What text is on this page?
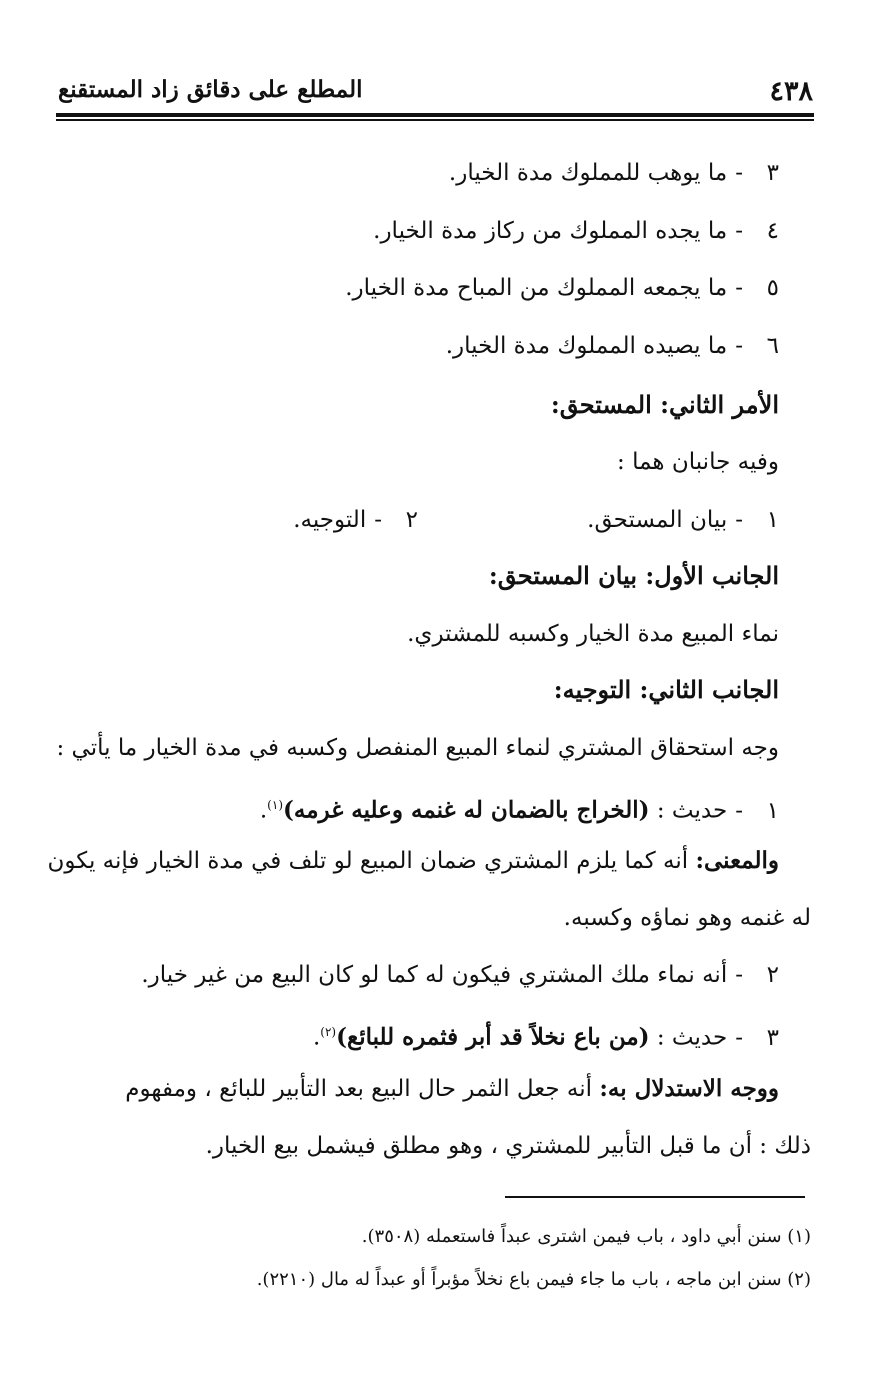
٤٣٨
المطلع على دقائق زاد المستقنع
٣-ما يوهب للمملوك مدة الخيار.
٤-ما يجده المملوك من ركاز مدة الخيار.
٥-ما يجمعه المملوك من المباح مدة الخيار.
٦-ما يصيده المملوك مدة الخيار.
الأمر الثاني: المستحق:
وفيه جانبان هما :
١-بيان المستحق.
٢-التوجيه.
الجانب الأول: بيان المستحق:
نماء المبيع مدة الخيار وكسبه للمشتري.
الجانب الثاني: التوجيه:
وجه استحقاق المشتري لنماء المبيع المنفصل وكسبه في مدة الخيار ما يأتي :
١-حديث : (الخراج بالضمان له غنمه وعليه غرمه)$^{(١)}$.
والمعنى: أنه كما يلزم المشتري ضمان المبيع لو تلف في مدة الخيار فإنه يكون
له غنمه وهو نماؤه وكسبه.
٢-أنه نماء ملك المشتري فيكون له كما لو كان البيع من غير خيار.
٣-حديث : (من باع نخلاً قد أبر فثمره للبائع)$^{(٢)}$.
ووجه الاستدلال به: أنه جعل الثمر حال البيع بعد التأبير للبائع ، ومفهوم
ذلك : أن ما قبل التأبير للمشتري ، وهو مطلق فيشمل بيع الخيار.
(١) سنن أبي داود ، باب فيمن اشترى عبداً فاستعمله (٣٥٠٨).
(٢) سنن ابن ماجه ، باب ما جاء فيمن باع نخلاً مؤبراً أو عبداً له مال (٢٢١٠).
